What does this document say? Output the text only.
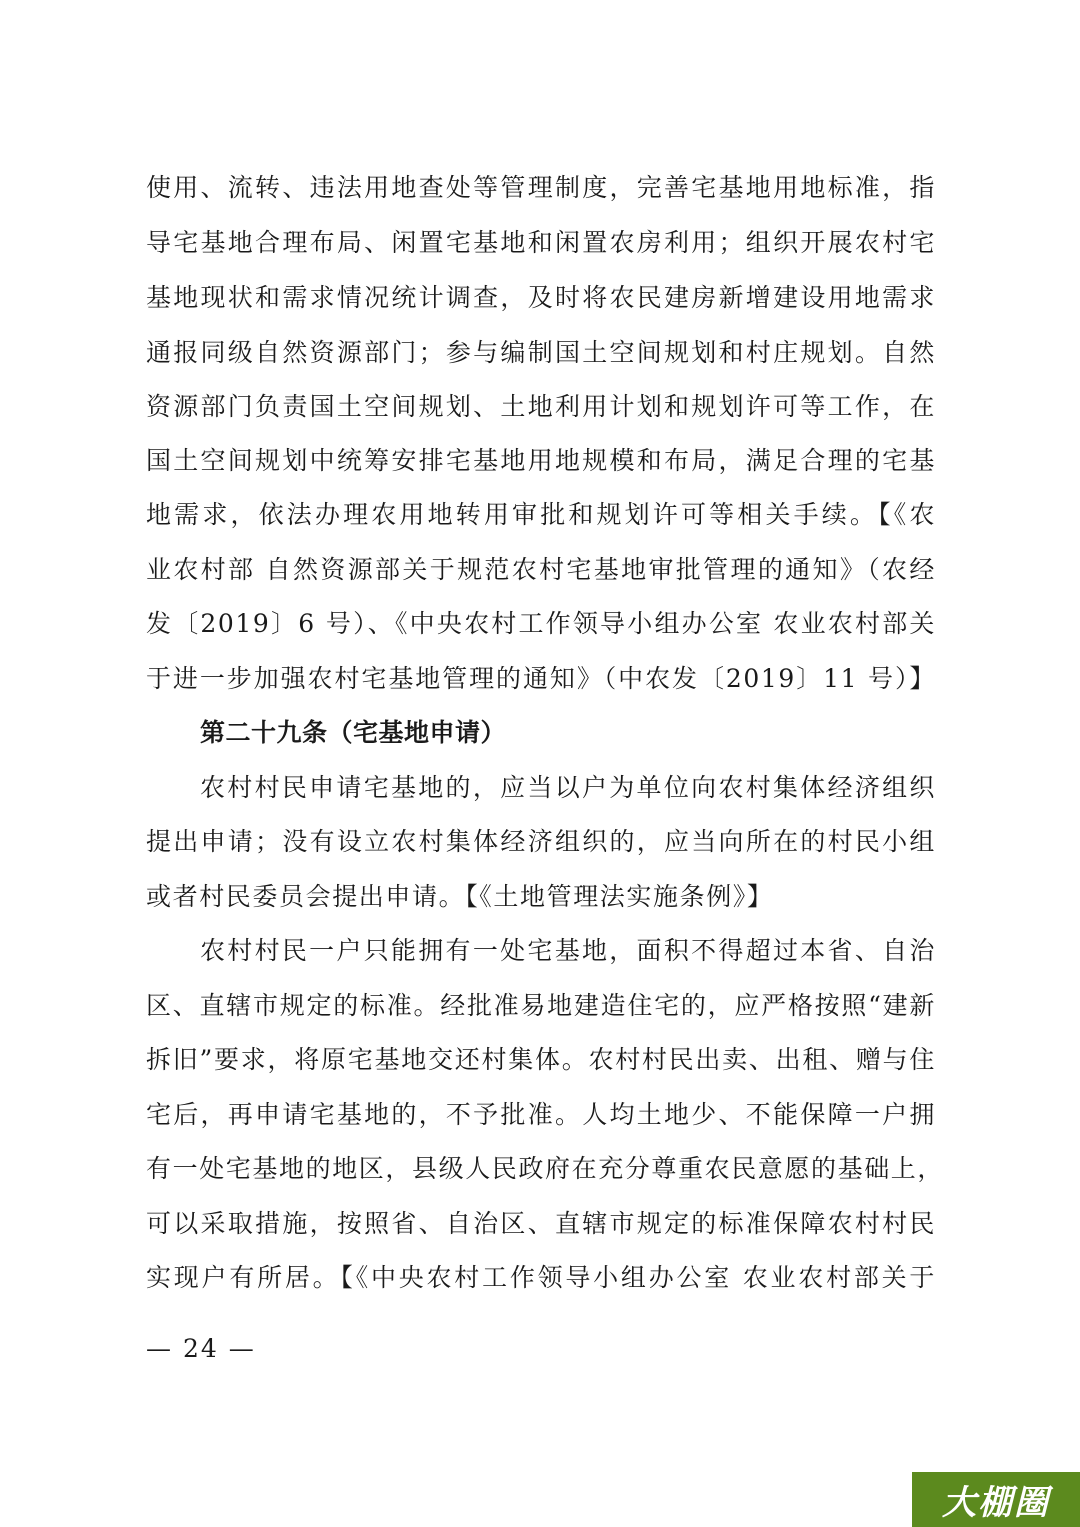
使用、流转、违法用地查处等管理制度，完善宅基地用地标准，指
导宅基地合理布局、闲置宅基地和闲置农房利用；组织开展农村宅
基地现状和需求情况统计调查，及时将农民建房新增建设用地需求
通报同级自然资源部门；参与编制国土空间规划和村庄规划。自然
资源部门负责国土空间规划、土地利用计划和规划许可等工作，在
国土空间规划中统筹安排宅基地用地规模和布局，满足合理的宅基
地需求，依法办理农用地转用审批和规划许可等相关手续。【《农
业农村部 自然资源部关于规范农村宅基地审批管理的通知》（农经
发〔2019〕6 号）、《中央农村工作领导小组办公室 农业农村部关
于进一步加强农村宅基地管理的通知》（中农发〔2019〕11 号）】
第二十九条（宅基地申请）
农村村民申请宅基地的，应当以户为单位向农村集体经济组织
提出申请；没有设立农村集体经济组织的，应当向所在的村民小组
或者村民委员会提出申请。【《土地管理法实施条例》】
农村村民一户只能拥有一处宅基地，面积不得超过本省、自治
区、直辖市规定的标准。经批准易地建造住宅的，应严格按照“建新
拆旧”要求，将原宅基地交还村集体。农村村民出卖、出租、赠与住
宅后，再申请宅基地的，不予批准。人均土地少、不能保障一户拥
有一处宅基地的地区，县级人民政府在充分尊重农民意愿的基础上，
可以采取措施，按照省、自治区、直辖市规定的标准保障农村村民
实现户有所居。【《中央农村工作领导小组办公室 农业农村部关于
— 24 —
大棚圈
